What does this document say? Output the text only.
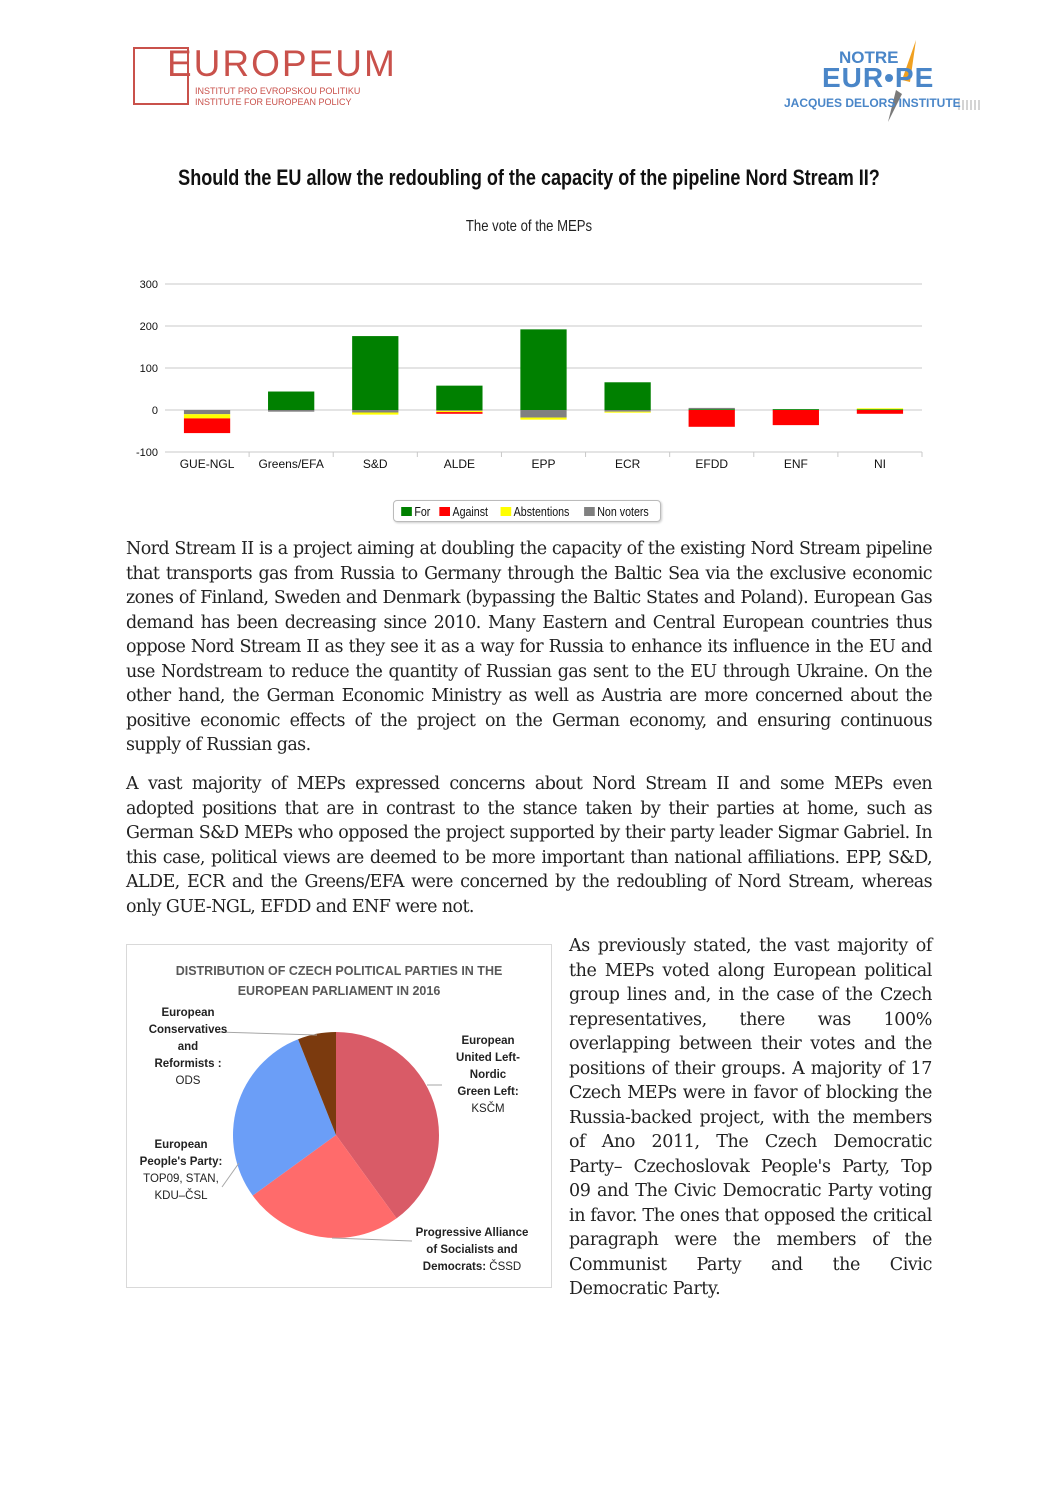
EUROPEUM
INSTITUT PRO EVROPSKOU POLITIKU
INSTITUTE FOR EUROPEAN POLICY
NOTRE
EUR•PE
JACQUES DELORS INSTITUTE
Should the EU allow the redoubling of the capacity of the pipeline Nord Stream II?
The vote of the MEPs
-100
0
100
200
300
GUE-NGL Greens/EFA	S&D	ALDE	EPP	ECR	EFDD	ENF	NI
For Against Abstentions Non voters

Nord Stream II is a project aiming at doubling the capacity of the existing Nord Stream pipeline that transports gas from Russia to Germany through the Baltic Sea via the exclusive economic zones of Finland, Sweden and Denmark (bypassing the Baltic States and Poland). European Gas demand has been decreasing since 2010. Many Eastern and Central European countries thus oppose Nord Stream II as they see it as a way for Russia to enhance its influence in the EU and use Nordstream to reduce the quantity of Russian gas sent to the EU through Ukraine. On the other hand, the German Economic Ministry as well as Austria are more concerned about the positive economic effects of the project on the German economy, and ensuring continuous supply of Russian gas.

A vast majority of MEPs expressed concerns about Nord Stream II and some MEPs even adopted positions that are in contrast to the stance taken by their parties at home, such as German S&D MEPs who opposed the project supported by their party leader Sigmar Gabriel. In this case, political views are deemed to be more important than national affiliations. EPP, S&D, ALDE, ECR and the Greens/EFA were concerned by the redoubling of Nord Stream, whereas only GUE-NGL, EFDD and ENF were not.

As previously stated, the vast majority of the MEPs voted along European political group lines and, in the case of the Czech representatives, there was 100% overlapping between their votes and the positions of their groups. A majority of 17 Czech MEPs were in favor of blocking the Russia-backed project, with the members of Ano 2011, The Czech Democratic Party– Czechoslovak People's Party, Top 09 and The Civic Democratic Party voting in favor. The ones that opposed the critical paragraph were the members of the Communist Party and the Civic Democratic Party.

DISTRIBUTION OF CZECH POLITICAL PARTIES IN THE EUROPEAN PARLIAMENT IN 2016
European
Conservatives
and
Reformists :
ODS
European
United Left-
Nordic
Green Left:
KSČM
European
People's Party:
TOP09, STAN,
KDU–ČSL
Progressive Alliance
of Socialists and
Democrats: ČSSD
